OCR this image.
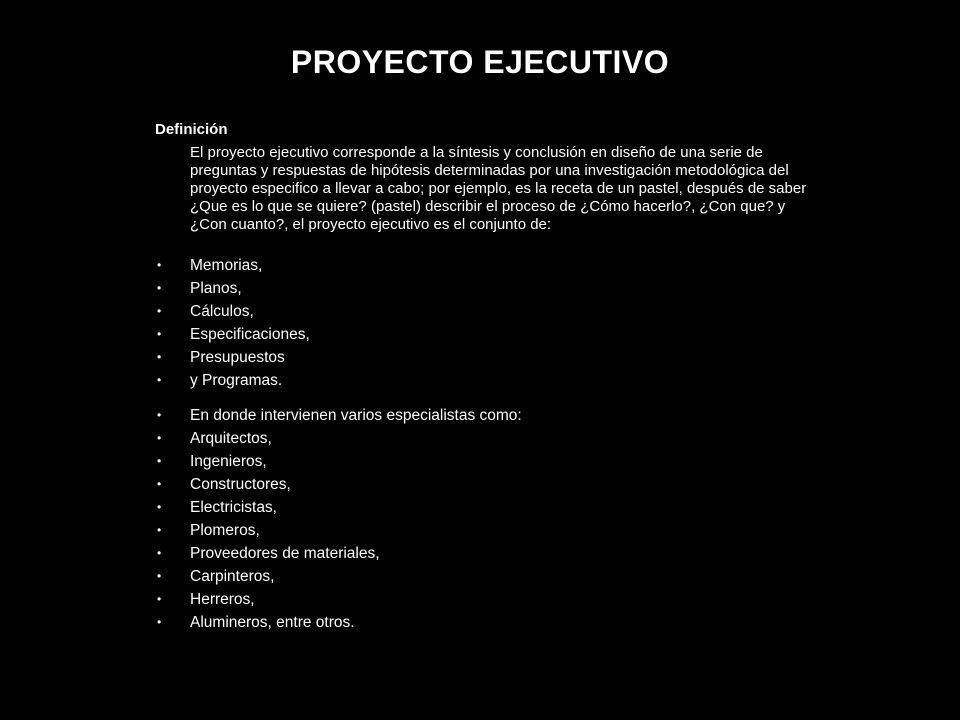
PROYECTO EJECUTIVO
Definición
El proyecto ejecutivo corresponde a la síntesis y conclusión en diseño de una serie de preguntas y respuestas de hipótesis determinadas por una investigación metodológica del proyecto especifico a llevar a cabo; por ejemplo, es la receta de un pastel, después de saber ¿Que es lo que se quiere? (pastel) describir el proceso de ¿Cómo hacerlo?, ¿Con que? y ¿Con cuanto?, el proyecto ejecutivo es el conjunto de:
• Memorias,
• Planos,
• Cálculos,
• Especificaciones,
• Presupuestos
• y Programas.
• En donde intervienen varios especialistas como:
• Arquitectos,
• Ingenieros,
• Constructores,
• Electricistas,
• Plomeros,
• Proveedores de materiales,
• Carpinteros,
• Herreros,
• Alumineros, entre otros.
